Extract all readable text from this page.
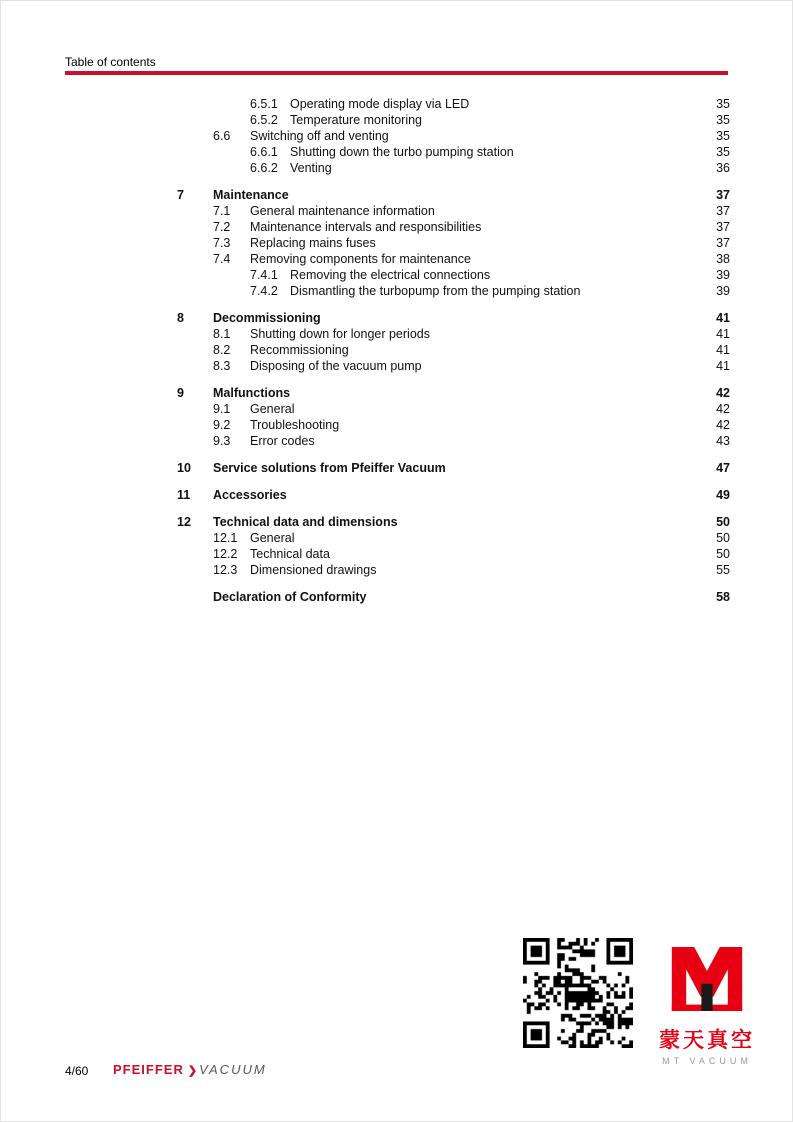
Table of contents
6.5.1 Operating mode display via LED	35
6.5.2 Temperature monitoring	35
6.6	Switching off and venting	35
6.6.1 Shutting down the turbo pumping station	35
6.6.2 Venting	36
7	Maintenance	37
7.1	General maintenance information	37
7.2	Maintenance intervals and responsibilities	37
7.3	Replacing mains fuses	37
7.4	Removing components for maintenance	38
7.4.1 Removing the electrical connections	39
7.4.2 Dismantling the turbopump from the pumping station	39
8	Decommissioning	41
8.1	Shutting down for longer periods	41
8.2	Recommissioning	41
8.3	Disposing of the vacuum pump	41
9	Malfunctions	42
9.1	General	42
9.2	Troubleshooting	42
9.3	Error codes	43
10	Service solutions from Pfeiffer Vacuum	47
11	Accessories	49
12	Technical data and dimensions	50
12.1	General	50
12.2	Technical data	50
12.3	Dimensioned drawings	55
Declaration of Conformity	58
蒙天真空
MT VACUUM
4/60 PFEIFFER ❯ VACUUM
